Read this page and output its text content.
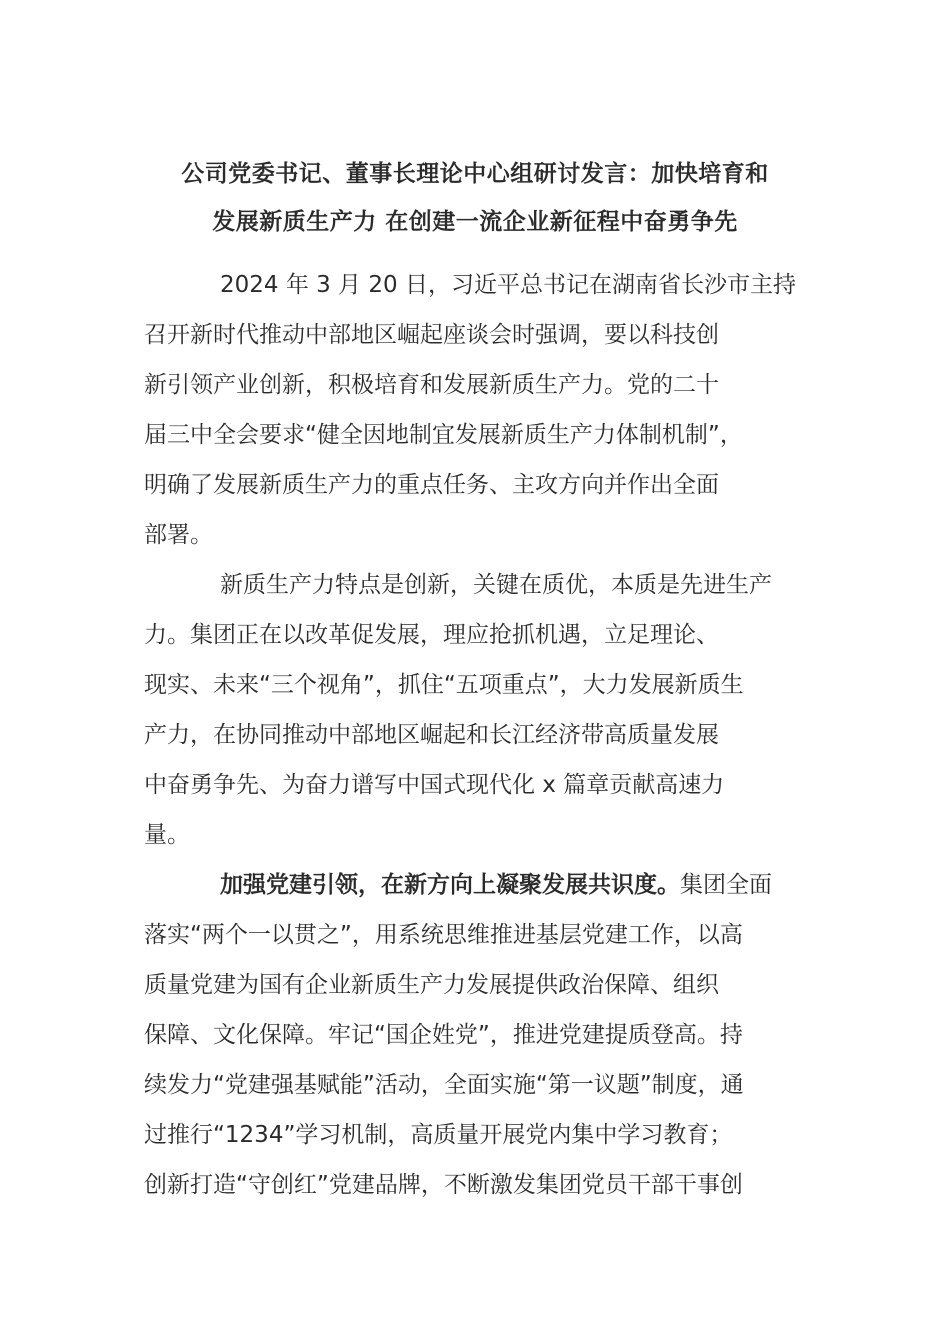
公司党委书记、董事长理论中心组研讨发言：加快培育和
发展新质生产力 在创建一流企业新征程中奋勇争先

2024 年 3 月 20 日，习近平总书记在湖南省长沙市主持
召开新时代推动中部地区崛起座谈会时强调，要以科技创
新引领产业创新，积极培育和发展新质生产力。党的二十
届三中全会要求“健全因地制宜发展新质生产力体制机制”，
明确了发展新质生产力的重点任务、主攻方向并作出全面
部署。

新质生产力特点是创新，关键在质优，本质是先进生产
力。集团正在以改革促发展，理应抢抓机遇，立足理论、
现实、未来“三个视角”，抓住“五项重点”，大力发展新质生
产力，在协同推动中部地区崛起和长江经济带高质量发展
中奋勇争先、为奋力谱写中国式现代化 x 篇章贡献高速力
量。

加强党建引领，在新方向上凝聚发展共识度。集团全面
落实“两个一以贯之”，用系统思维推进基层党建工作，以高
质量党建为国有企业新质生产力发展提供政治保障、组织
保障、文化保障。牢记“国企姓党”，推进党建提质登高。持
续发力“党建强基赋能”活动，全面实施“第一议题”制度，通
过推行“1234”学习机制，高质量开展党内集中学习教育；
创新打造“守创红”党建品牌，不断激发集团党员干部干事创
